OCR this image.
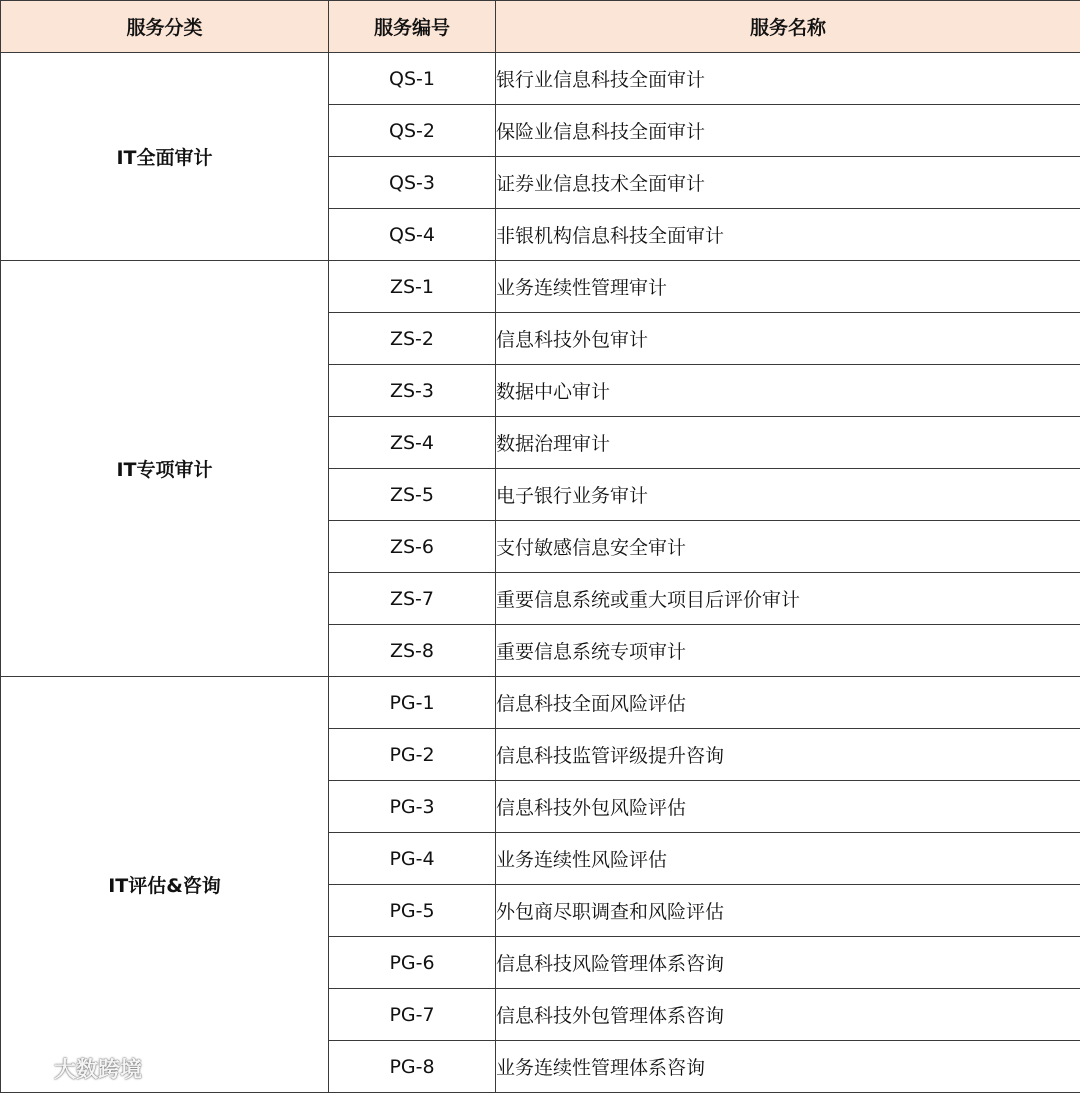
服务分类	服务编号	服务名称
IT全面审计	QS-1	银行业信息科技全面审计
	QS-2	保险业信息科技全面审计
	QS-3	证券业信息技术全面审计
	QS-4	非银机构信息科技全面审计
IT专项审计	ZS-1	业务连续性管理审计
	ZS-2	信息科技外包审计
	ZS-3	数据中心审计
	ZS-4	数据治理审计
	ZS-5	电子银行业务审计
	ZS-6	支付敏感信息安全审计
	ZS-7	重要信息系统或重大项目后评价审计
	ZS-8	重要信息系统专项审计
IT评估&咨询	PG-1	信息科技全面风险评估
	PG-2	信息科技监管评级提升咨询
	PG-3	信息科技外包风险评估
	PG-4	业务连续性风险评估
	PG-5	外包商尽职调查和风险评估
	PG-6	信息科技风险管理体系咨询
	PG-7	信息科技外包管理体系咨询
	PG-8	业务连续性管理体系咨询
大数跨境
